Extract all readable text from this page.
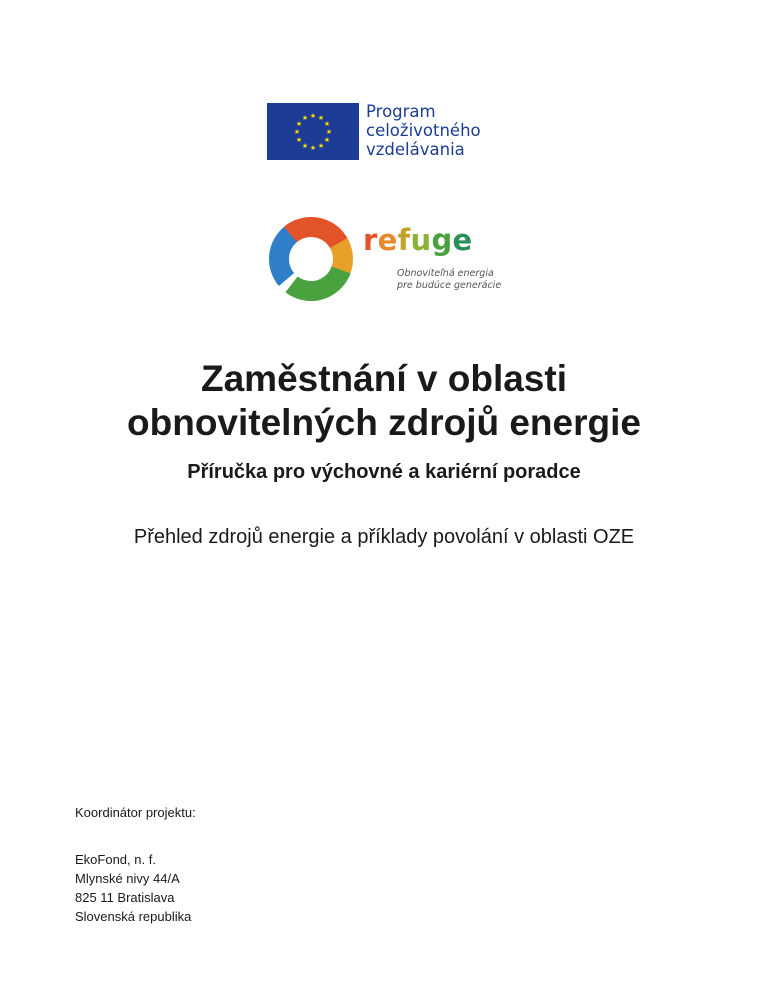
★ ★
★
★
★
★
★
★
★
★
★
★	Program
celoživotného
vzdelávania
refuge
Obnoviteľná energia
pre budúce generácie
Zaměstnání v oblasti
obnovitelných zdrojů energie
Příručka pro výchovné a kariérní poradce
Přehled zdrojů energie a příklady povolání v oblasti OZE
Koordinátor projektu:
EkoFond, n. f.
Mlynské nivy 44/A
825 11 Bratislava
Slovenská republika
